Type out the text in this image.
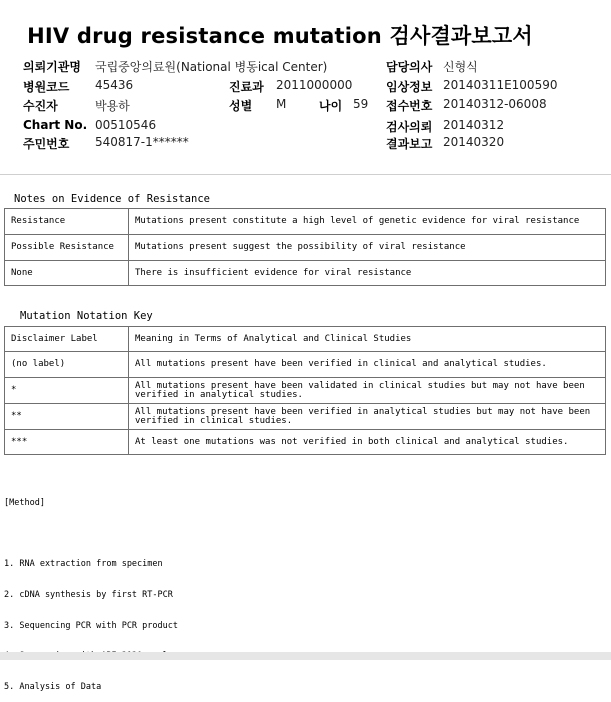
HIV drug resistance mutation 검사결과보고서
의뢰기관명 국립중앙의료원(National 병동ical Center)	담당의사 신형식
병원코드 45436	진료과 2011000000	임상정보 20140311E100590
수진자	박용하	성별 M	나이 59 접수번호 20140312-06008
Chart No. 00510546	검사의뢰 20140312
주민번호 540817-1******	결과보고 20140320
Notes on Evidence of Resistance
Resistance	Mutations present constitute a high level of genetic evidence for viral resistance
Possible Resistance	Mutations present suggest the possibility of viral resistance
None	There is insufficient evidence for viral resistance
Mutation Notation Key
Disclaimer Label	Meaning in Terms of Analytical and Clinical Studies
(no label)	All mutations present have been verified in clinical and analytical studies.
*	All mutations present have been validated in clinical studies but may not have been verified in analytical studies.
**	All mutations present have been verified in analytical studies but may not have been verified in clinical studies.
***	At least one mutations was not verified in both clinical and analytical studies.

[Method]

1. RNA extraction from specimen

2. cDNA synthesis by first RT-PCR

3. Sequencing PCR with PCR product

5. Analysis of Data
